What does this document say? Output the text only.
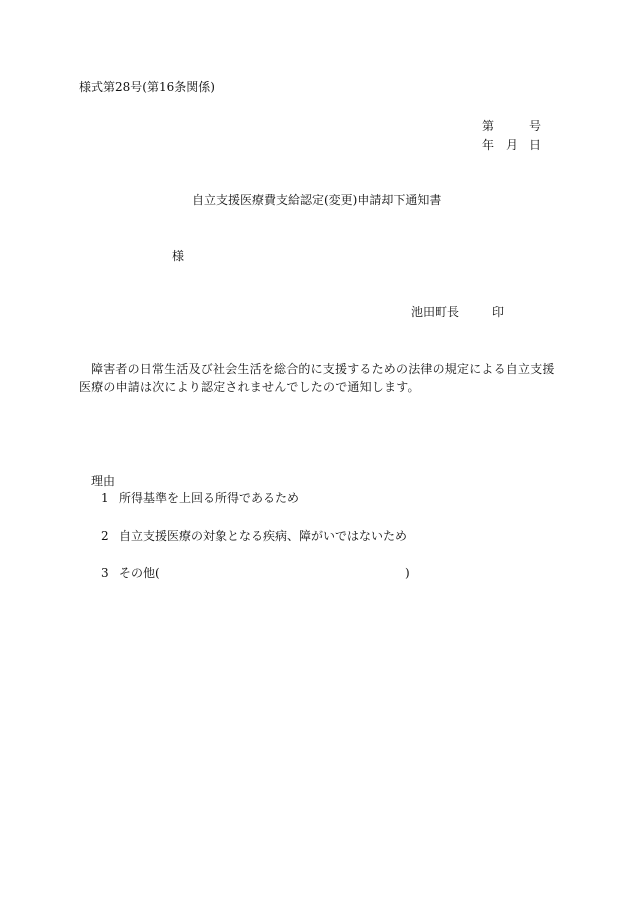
様式第28号(第16条関係)
第	号
年 月 日
自立支援医療費支給認定(変更)申請却下通知書
様
池田町長	印
障害者の日常生活及び社会生活を総合的に支援するための法律の規定による自立支援医療の申請は次により認定されませんでしたので通知します。
理由
1 所得基準を上回る所得であるため
2 自立支援医療の対象となる疾病、障がいではないため
3 その他(	)
